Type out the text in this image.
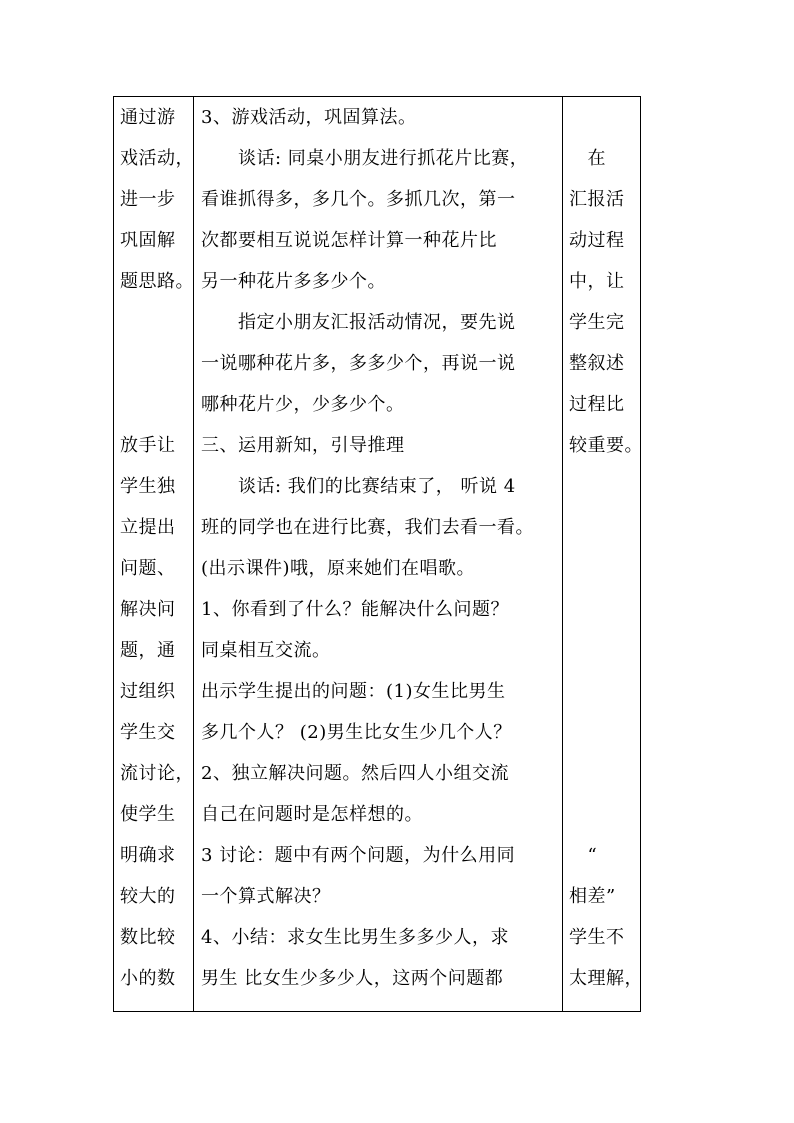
通过游
戏活动，
进一步
巩固解
题思路。
放手让
学生独
立提出
问题、
解决问
题，通
过组织
学生交
流讨论，
使学生
明确求
较大的
数比较
小的数
3、游戏活动，巩固算法。
　　谈话: 同桌小朋友进行抓花片比赛，
看谁抓得多，多几个。多抓几次，第一
次都要相互说说怎样计算一种花片比
另一种花片多多少个。
　　指定小朋友汇报活动情况，要先说
一说哪种花片多，多多少个，再说一说
哪种花片少，少多少个。
三、运用新知，引导推理
　　谈话: 我们的比赛结束了， 听说 4
班的同学也在进行比赛，我们去看一看。
(出示课件)哦，原来她们在唱歌。
1、你看到了什么？能解决什么问题？
同桌相互交流。
出示学生提出的问题：(1)女生比男生
多几个人？ (2)男生比女生少几个人？
2、独立解决问题。然后四人小组交流
自己在问题时是怎样想的。
3 讨论：题中有两个问题，为什么用同
一个算式解决？
4、小结：求女生比男生多多少人，求
男生 比女生少多少人，这两个问题都
　在
汇报活
动过程
中，让
学生完
整叙述
过程比
较重要。
　“
相差”
学生不
太理解，
